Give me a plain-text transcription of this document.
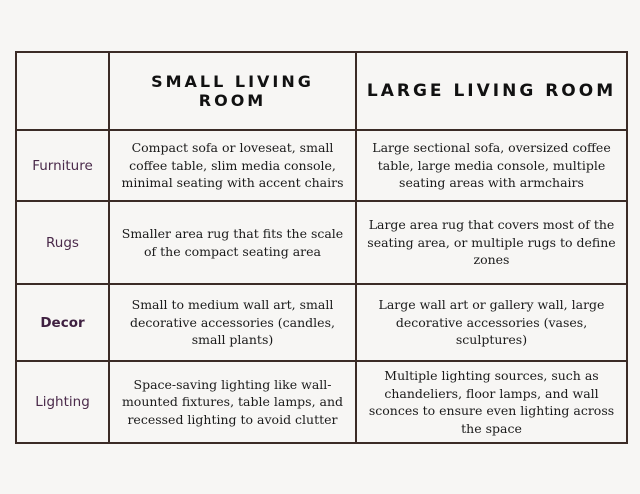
	SMALL LIVING ROOM	LARGE LIVING ROOM
Furniture	Compact sofa or loveseat, small coffee table, slim media console, minimal seating with accent chairs	Large sectional sofa, oversized coffee table, large media console, multiple seating areas with armchairs
Rugs	Smaller area rug that fits the scale of the compact seating area	Large area rug that covers most of the seating area, or multiple rugs to define zones
Decor	Small to medium wall art, small decorative accessories (candles, small plants)	Large wall art or gallery wall, large decorative accessories (vases, sculptures)
Lighting	Space-saving lighting like wall-mounted fixtures, table lamps, and recessed lighting to avoid clutter	Multiple lighting sources, such as chandeliers, floor lamps, and wall sconces to ensure even lighting across the space
